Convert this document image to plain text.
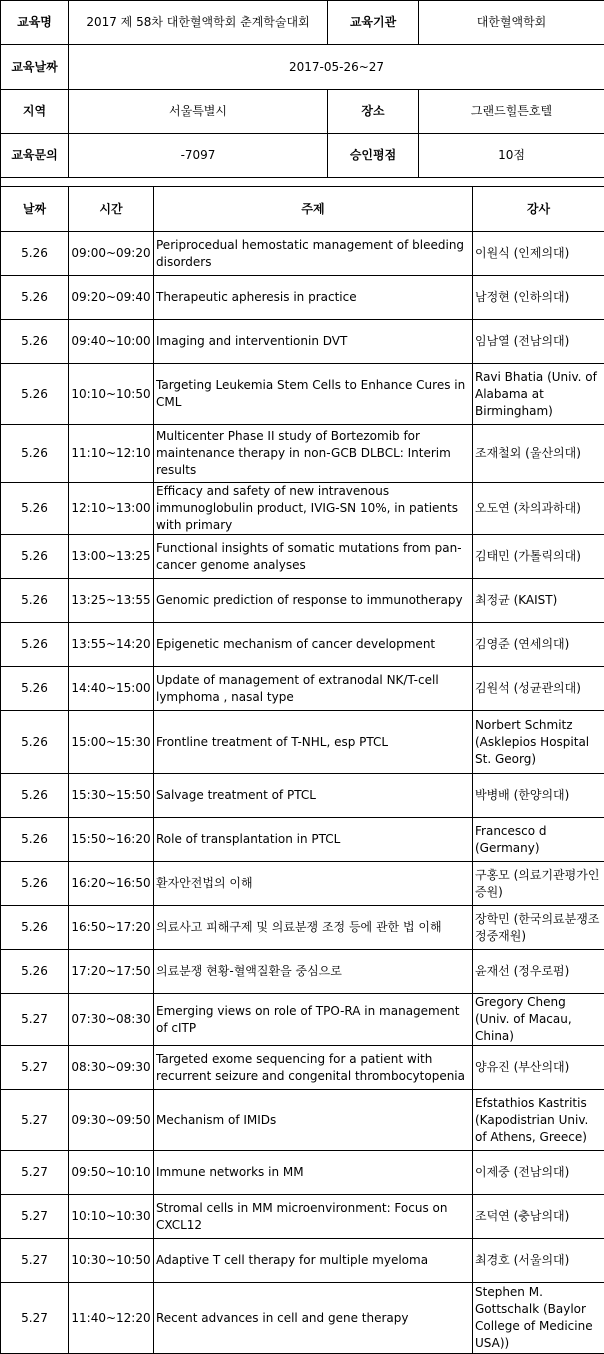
교육명	2017 제 58차 대한혈액학회 춘계학술대회	교육기관	대한혈액학회
교육날짜	2017-05-26~27		
지역	서울특별시	장소	그랜드힐튼호텔
교육문의	-7097	승인평점	10점
날짜	시간	주제	강사
5.26	09:00~09:20	Periprocedual hemostatic management of bleeding disorders	이원식 (인제의대)
5.26	09:20~09:40	Therapeutic apheresis in practice	남정현 (인하의대)
5.26	09:40~10:00	Imaging and interventionin DVT	임남열 (전남의대)
5.26	10:10~10:50	Targeting Leukemia Stem Cells to Enhance Cures in CML	Ravi Bhatia (Univ. of Alabama at Birmingham)
5.26	11:10~12:10	Multicenter Phase II study of Bortezomib for maintenance therapy in non-GCB DLBCL: Interim results	조재철외 (울산의대)
5.26	12:10~13:00	Efficacy and safety of new intravenous immunoglobulin product, IVIG-SN 10%, in patients with primary	오도연 (차의과하대)
5.26	13:00~13:25	Functional insights of somatic mutations from pan-cancer genome analyses	김태민 (가톨릭의대)
5.26	13:25~13:55	Genomic prediction of response to immunotherapy	최정균 (KAIST)
5.26	13:55~14:20	Epigenetic mechanism of cancer development	김영준 (연세의대)
5.26	14:40~15:00	Update of management of extranodal NK/T-cell lymphoma , nasal type	김원석 (성균관의대)
5.26	15:00~15:30	Frontline treatment of T-NHL, esp PTCL	Norbert Schmitz (Asklepios Hospital St. Georg)
5.26	15:30~15:50	Salvage treatment of PTCL	박병배 (한양의대)
5.26	15:50~16:20	Role of transplantation in PTCL	Francesco d (Germany)
5.26	16:20~16:50	환자안전법의 이해	구홍모 (의료기관평가인증원)
5.26	16:50~17:20	의료사고 피해구제 및 의료분쟁 조정 등에 관한 법 이해	장학민 (한국의료분쟁조정중재원)
5.26	17:20~17:50	의료분쟁 현황-혈액질환을 중심으로	윤재선 (정우로펌)
5.27	07:30~08:30	Emerging views on role of TPO-RA in management of cITP	Gregory Cheng (Univ. of Macau, China)
5.27	08:30~09:30	Targeted exome sequencing for a patient with recurrent seizure and congenital thrombocytopenia	양유진 (부산의대)
5.27	09:30~09:50	Mechanism of IMIDs	Efstathios Kastritis (Kapodistrian Univ. of Athens, Greece)
5.27	09:50~10:10	Immune networks in MM	이제중 (전남의대)
5.27	10:10~10:30	Stromal cells in MM microenvironment: Focus on CXCL12	조덕연 (충남의대)
5.27	10:30~10:50	Adaptive T cell therapy for multiple myeloma	최경호 (서울의대)
5.27	11:40~12:20	Recent advances in cell and gene therapy	Stephen M. Gottschalk (Baylor College of Medicine USA))
